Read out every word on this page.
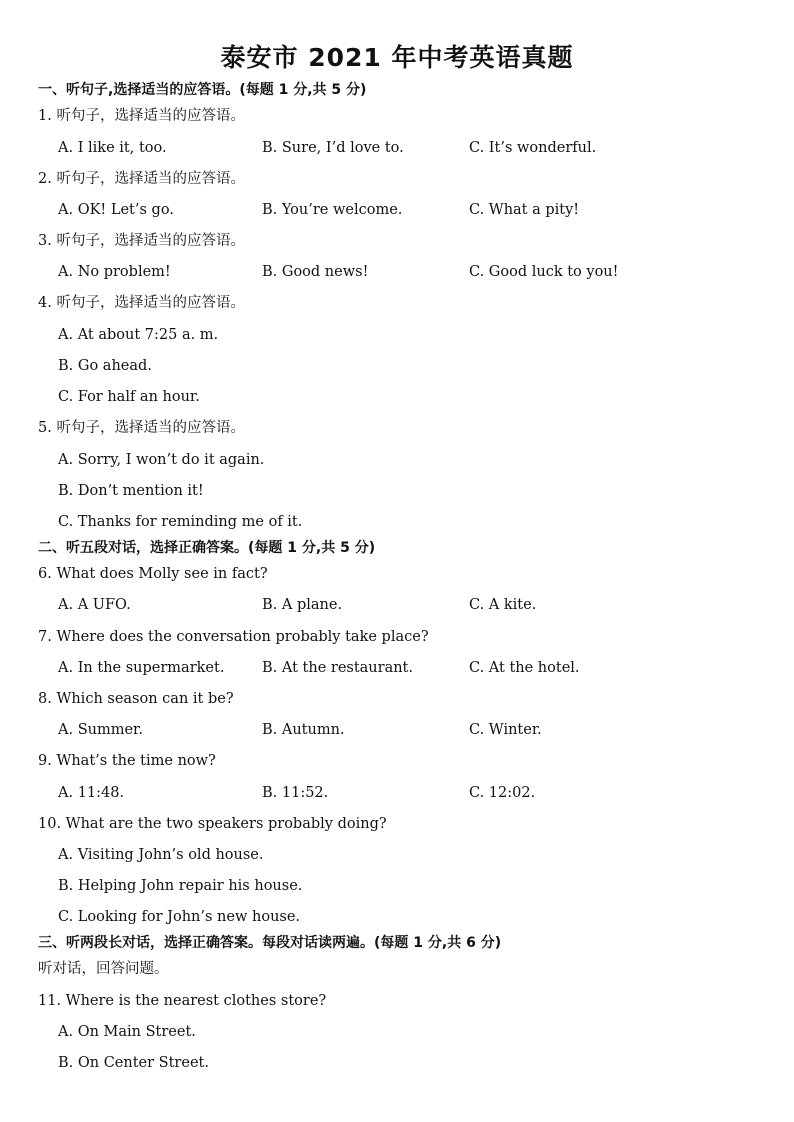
泰安市 2021 年中考英语真题
一、听句子,选择适当的应答语。(每题 1 分,共 5 分)
1. 听句子，选择适当的应答语。
A. I like it, too.	B. Sure, I’d love to.	C. It’s wonderful.
2. 听句子，选择适当的应答语。
A. OK! Let’s go.	B. You’re welcome.	C. What a pity!
3. 听句子，选择适当的应答语。
A. No problem!	B. Good news!	C. Good luck to you!
4. 听句子，选择适当的应答语。
A. At about 7:25 a. m.
B. Go ahead.
C. For half an hour.
5. 听句子，选择适当的应答语。
A. Sorry, I won’t do it again.
B. Don’t mention it!
C. Thanks for reminding me of it.
二、听五段对话，选择正确答案。(每题 1 分,共 5 分)
6. What does Molly see in fact?
A. A UFO.	B. A plane.	C. A kite.
7. Where does the conversation probably take place?
A. In the supermarket.	B. At the restaurant.	C. At the hotel.
8. Which season can it be?
A. Summer.	B. Autumn.	C. Winter.
9. What’s the time now?
A. 11:48.	B. 11:52.	C. 12:02.
10. What are the two speakers probably doing?
A. Visiting John’s old house.
B. Helping John repair his house.
C. Looking for John’s new house.
三、听两段长对话，选择正确答案。每段对话读两遍。(每题 1 分,共 6 分)
听对话，回答问题。
11. Where is the nearest clothes store?
A. On Main Street.
B. On Center Street.
